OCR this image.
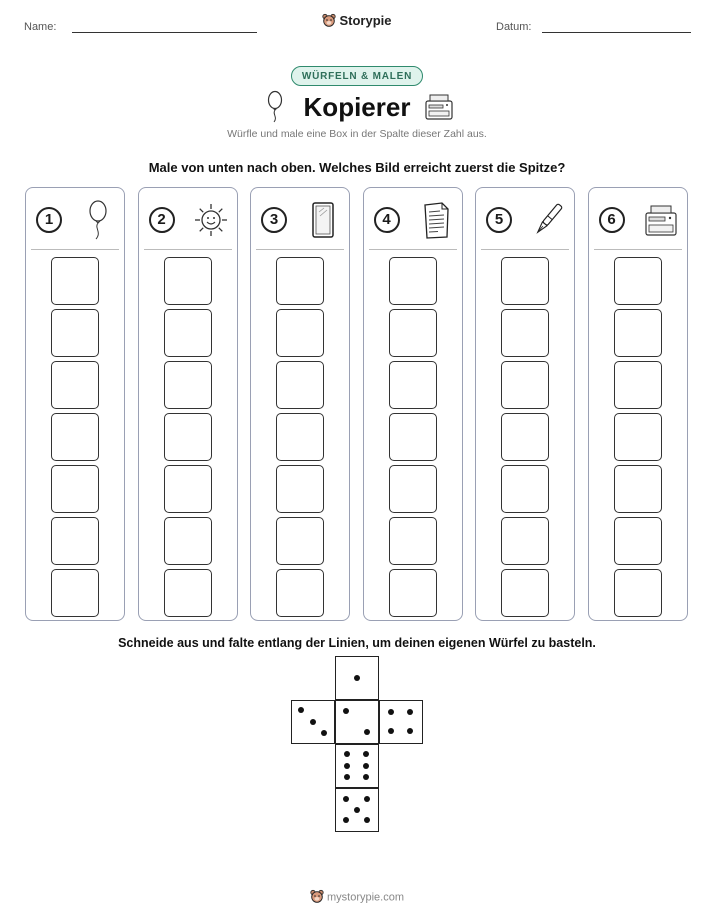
Name:	Storypie	Datum:
WÜRFELN & MALEN
Kopierer
Würfle und male eine Box in der Spalte dieser Zahl aus.
Male von unten nach oben. Welches Bild erreicht zuerst die Spitze?
1	2	3	4	5	6
Schneide aus und falte entlang der Linien, um deinen eigenen Würfel zu basteln.
mystorypie.com
